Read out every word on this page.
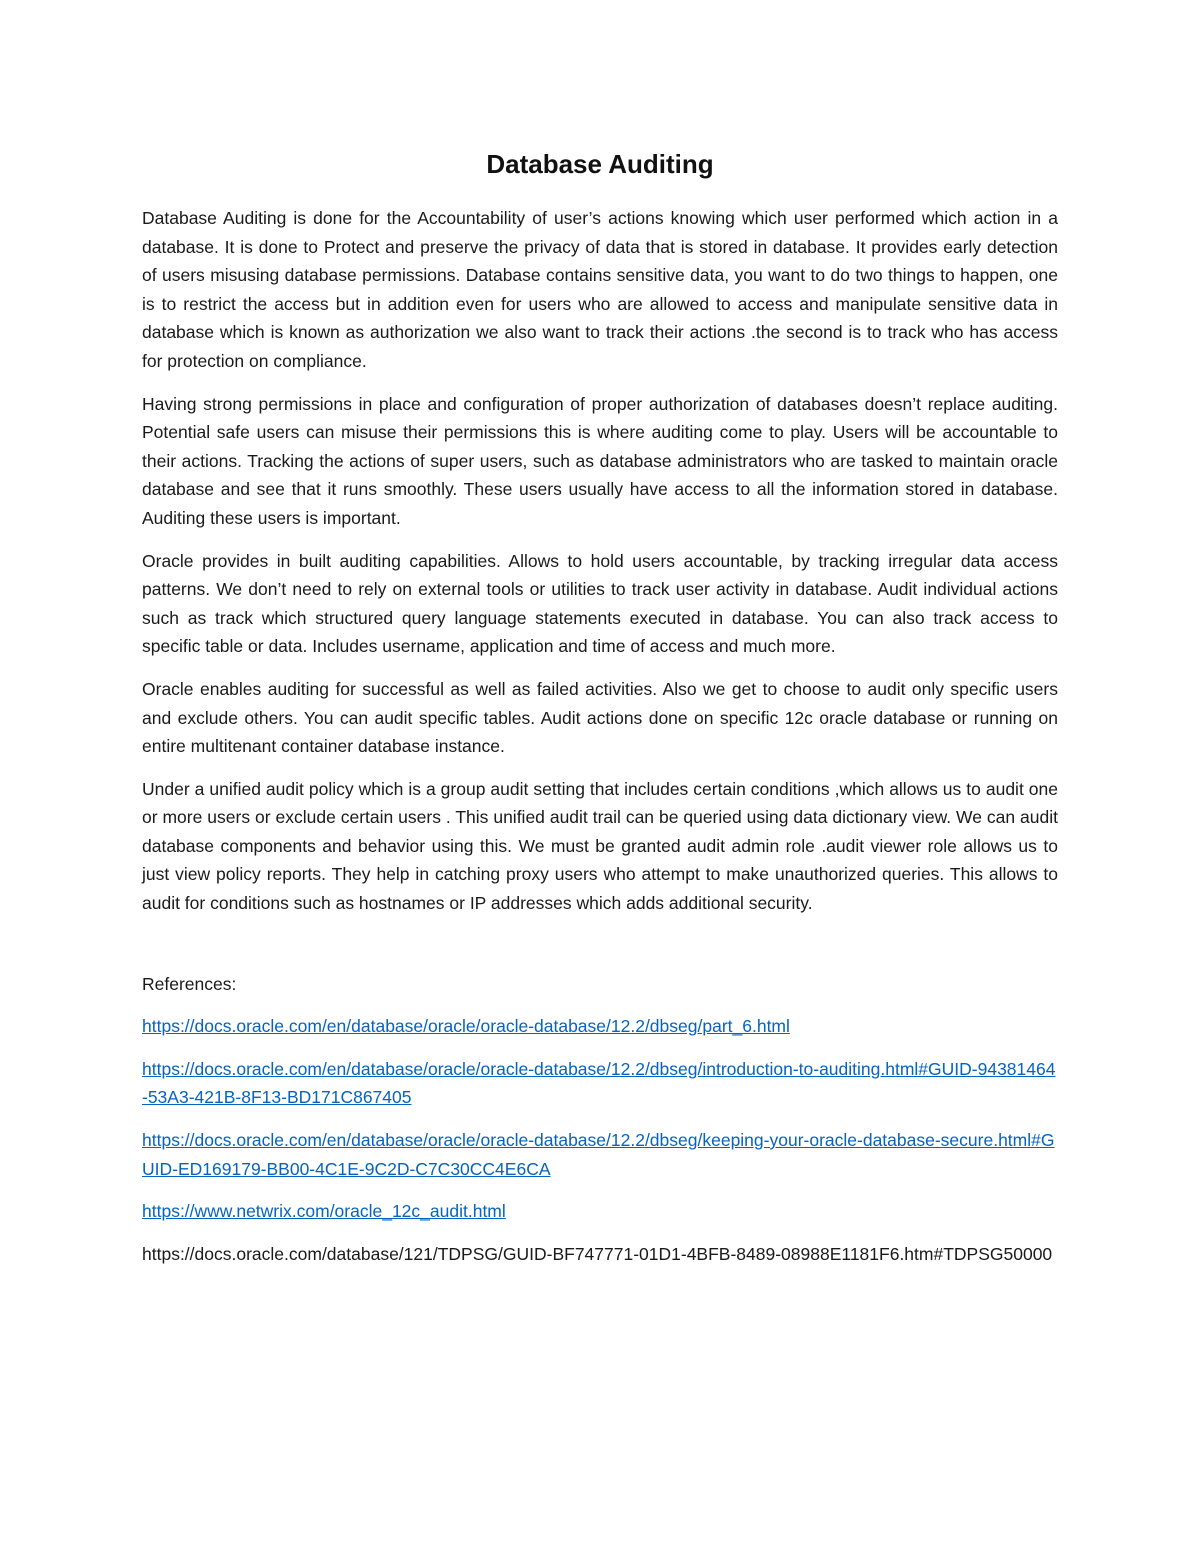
Database Auditing

Database Auditing is done for the Accountability of user’s actions knowing which user performed which action in a database. It is done to Protect and preserve the privacy of data that is stored in database. It provides early detection of users misusing database permissions. Database contains sensitive data, you want to do two things to happen, one is to restrict the access but in addition even for users who are allowed to access and manipulate sensitive data in database which is known as authorization we also want to track their actions .the second is to track who has access for protection on compliance.

Having strong permissions in place and configuration of proper authorization of databases doesn’t replace auditing. Potential safe users can misuse their permissions this is where auditing come to play. Users will be accountable to their actions. Tracking the actions of super users, such as database administrators who are tasked to maintain oracle database and see that it runs smoothly. These users usually have access to all the information stored in database. Auditing these users is important.

Oracle provides in built auditing capabilities. Allows to hold users accountable, by tracking irregular data access patterns. We don’t need to rely on external tools or utilities to track user activity in database. Audit individual actions such as track which structured query language statements executed in database. You can also track access to specific table or data. Includes username, application and time of access and much more.

Oracle enables auditing for successful as well as failed activities. Also we get to choose to audit only specific users and exclude others. You can audit specific tables. Audit actions done on specific 12c oracle database or running on entire multitenant container database instance.

Under a unified audit policy which is a group audit setting that includes certain conditions ,which allows us to audit one or more users or exclude certain users . This unified audit trail can be queried using data dictionary view. We can audit database components and behavior using this. We must be granted audit admin role .audit viewer role allows us to just view policy reports. They help in catching proxy users who attempt to make unauthorized queries. This allows to audit for conditions such as hostnames or IP addresses which adds additional security.

References:

https://docs.oracle.com/en/database/oracle/oracle-database/12.2/dbseg/part_6.html

https://docs.oracle.com/en/database/oracle/oracle-database/12.2/dbseg/introduction-to-auditing.html#GUID-94381464-53A3-421B-8F13-BD171C867405

https://docs.oracle.com/en/database/oracle/oracle-database/12.2/dbseg/keeping-your-oracle-database-secure.html#GUID-ED169179-BB00-4C1E-9C2D-C7C30CC4E6CA

https://www.netwrix.com/oracle_12c_audit.html

https://docs.oracle.com/database/121/TDPSG/GUID-BF747771-01D1-4BFB-8489-08988E1181F6.htm#TDPSG50000
